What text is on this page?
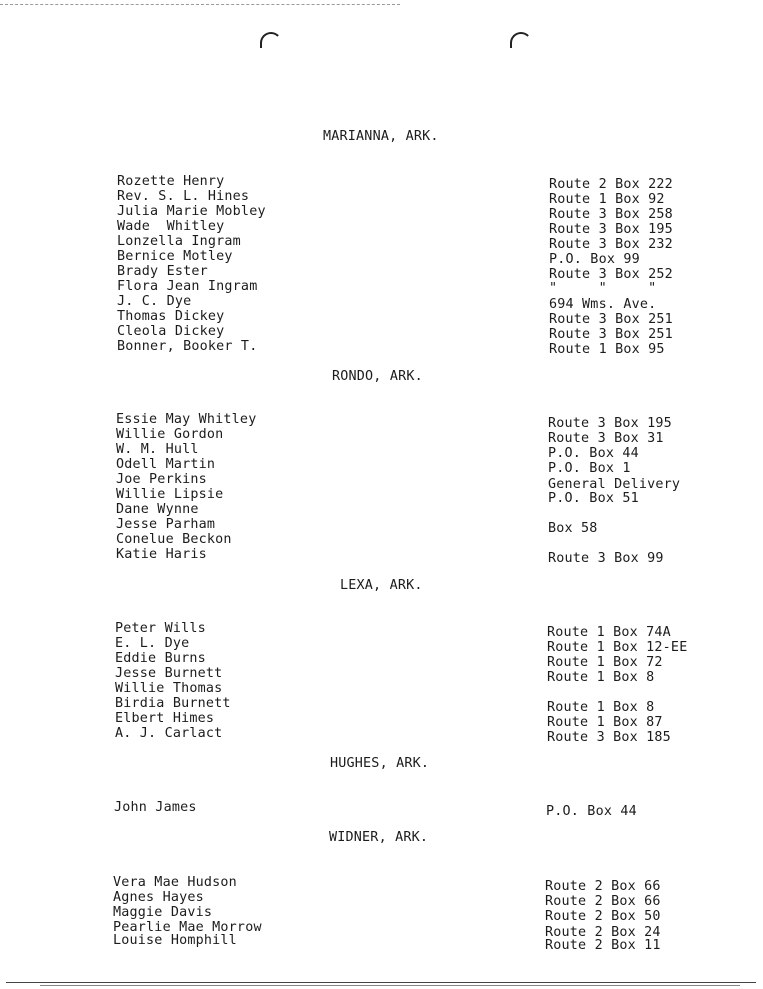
MARIANNA, ARK.

Rozette Henry

Rev. S. L. Hines

Julia Marie Mobley

Wade  Whitley

Lonzella Ingram

Bernice Motley

Brady Ester

Flora Jean Ingram

J. C. Dye

Thomas Dickey

Cleola Dickey

Bonner, Booker T.

Route 2 Box 222

Route 1 Box 92

Route 3 Box 258

Route 3 Box 195

Route 3 Box 232

P.O. Box 99

Route 3 Box 252

"     "     "

694 Wms. Ave.

Route 3 Box 251

Route 3 Box 251

Route 1 Box 95

RONDO, ARK.

Essie May Whitley

Willie Gordon

W. M. Hull

Odell Martin

Joe Perkins

Willie Lipsie

Dane Wynne

Jesse Parham

Conelue Beckon

Katie Haris

Route 3 Box 195

Route 3 Box 31

P.O. Box 44

P.O. Box 1

General Delivery

P.O. Box 51

Box 58

Route 3 Box 99

LEXA, ARK.

Peter Wills

E. L. Dye

Eddie Burns

Jesse Burnett

Willie Thomas

Birdia Burnett

Elbert Himes

A. J. Carlact

Route 1 Box 74A

Route 1 Box 12-EE

Route 1 Box 72

Route 1 Box 8

Route 1 Box 8

Route 1 Box 87

Route 3 Box 185

HUGHES, ARK.

John James

	P.O. Box 44

WIDNER, ARK.

Vera Mae Hudson

Agnes Hayes

Maggie Davis

Pearlie Mae Morrow

Louise Homphill

Route 2 Box 66

Route 2 Box 66

Route 2 Box 50

Route 2 Box 24

Route 2 Box 11
